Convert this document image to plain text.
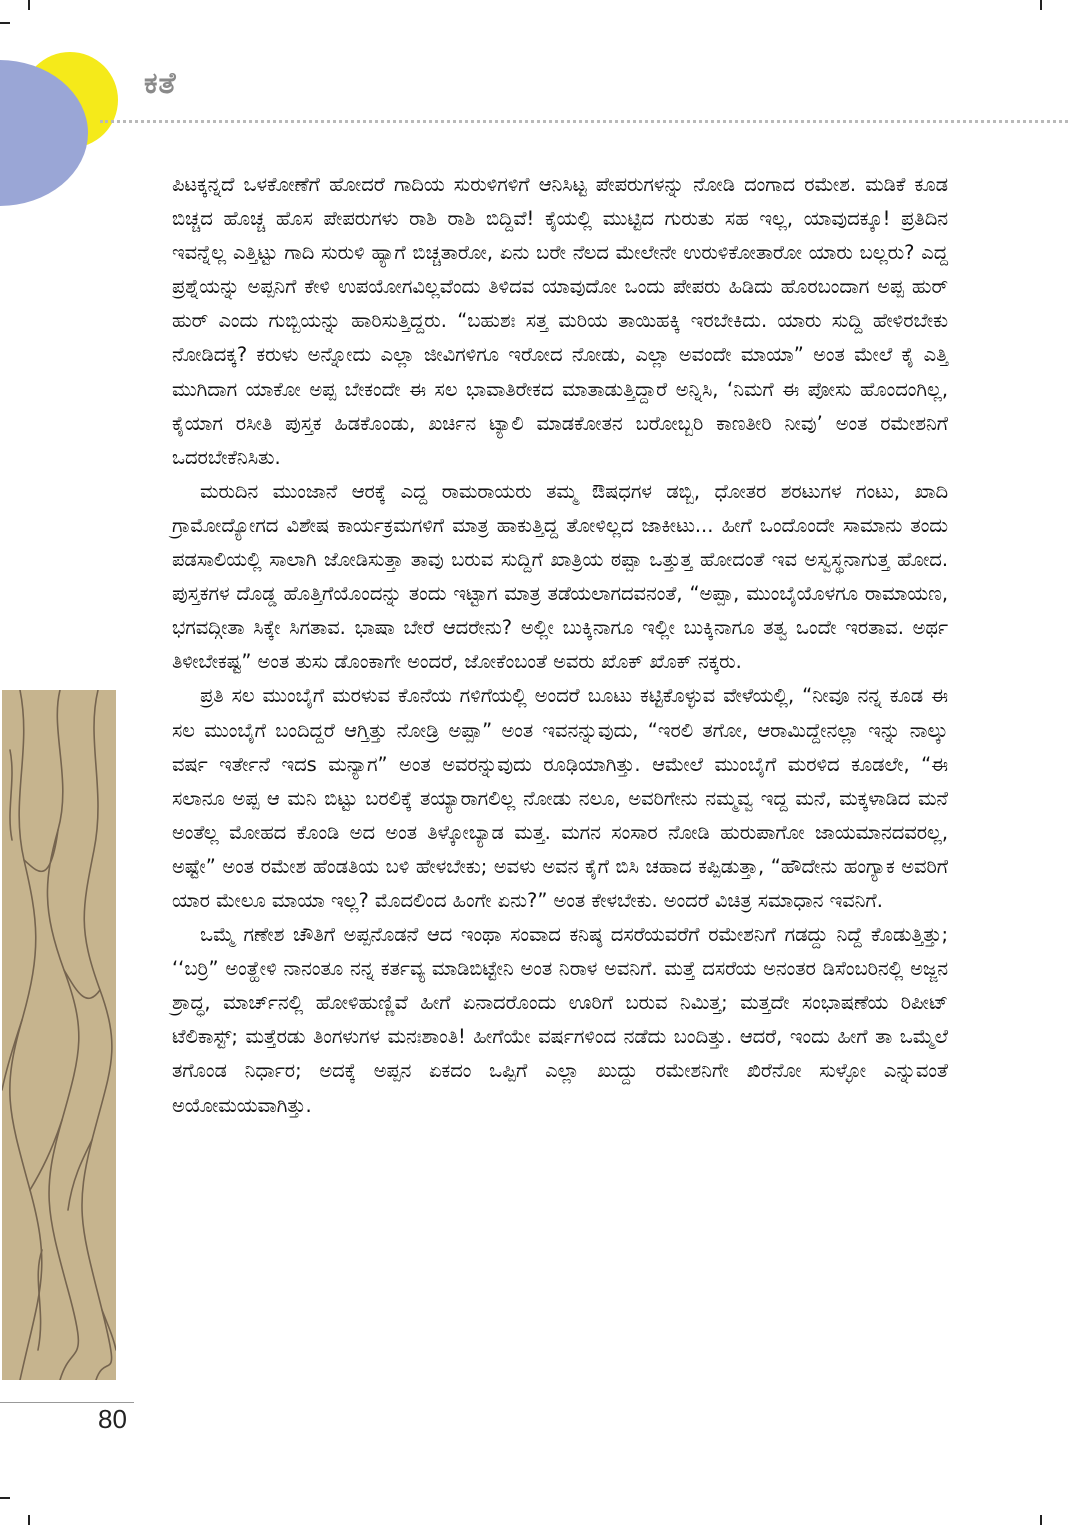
ಕತೆ

ಪಿಟಕ್ಕನ್ನದೆ ಒಳಕೋಣೆಗೆ ಹೋದರೆ ಗಾದಿಯ ಸುರುಳಿಗಳಿಗೆ ಆನಿಸಿಟ್ಟ ಪೇಪರುಗಳನ್ನು ನೋಡಿ ದಂಗಾದ ರಮೇಶ. ಮಡಿಕೆ ಕೂಡ ಬಿಚ್ಚದ ಹೊಚ್ಚ ಹೊಸ ಪೇಪರುಗಳು ರಾಶಿ ರಾಶಿ ಬಿದ್ದಿವೆ! ಕೈಯಲ್ಲಿ ಮುಟ್ಟಿದ ಗುರುತು ಸಹ ಇಲ್ಲ, ಯಾವುದಕ್ಕೂ! ಪ್ರತಿದಿನ ಇವನ್ನೆಲ್ಲ ಎತ್ತಿಟ್ಟು ಗಾದಿ ಸುರುಳಿ ಹ್ಯಾಗೆ ಬಿಚ್ಚತಾರೋ, ಏನು ಬರೇ ನೆಲದ ಮೇಲೇನೇ ಉರುಳಿಕೋತಾರೋ ಯಾರು ಬಲ್ಲರು? ಎದ್ದ ಪ್ರಶ್ನೆಯನ್ನು ಅಪ್ಪನಿಗೆ ಕೇಳಿ ಉಪಯೋಗವಿಲ್ಲವೆಂದು ತಿಳಿದವ ಯಾವುದೋ ಒಂದು ಪೇಪರು ಹಿಡಿದು ಹೊರಬಂದಾಗ ಅಪ್ಪ ಹುರ್ ಹುರ್ ಎಂದು ಗುಬ್ಬಿಯನ್ನು ಹಾರಿಸುತ್ತಿದ್ದರು. “ಬಹುಶಃ ಸತ್ತ ಮರಿಯ ತಾಯಿಹಕ್ಕಿ ಇರಬೇಕಿದು. ಯಾರು ಸುದ್ದಿ ಹೇಳಿರಬೇಕು ನೋಡಿದಕ್ಕ? ಕರುಳು ಅನ್ನೋದು ಎಲ್ಲಾ ಜೀವಿಗಳಿಗೂ ಇರೋದ ನೋಡು, ಎಲ್ಲಾ ಅವಂದೇ ಮಾಯಾ” ಅಂತ ಮೇಲೆ ಕೈ ಎತ್ತಿ ಮುಗಿದಾಗ ಯಾಕೋ ಅಪ್ಪ ಬೇಕಂದೇ ಈ ಸಲ ಭಾವಾತಿರೇಕದ ಮಾತಾಡುತ್ತಿದ್ದಾರೆ ಅನ್ನಿಸಿ, ‘ನಿಮಗೆ ಈ ಪೋಸು ಹೊಂದಂಗಿಲ್ಲ, ಕೈಯಾಗ ರಸೀತಿ ಪುಸ್ತಕ ಹಿಡಕೊಂಡು, ಖರ್ಚಿನ ಟ್ಯಾಲಿ ಮಾಡಕೋತನ ಬರೋಬ್ಬರಿ ಕಾಣತೀರಿ ನೀವು’ ಅಂತ ರಮೇಶನಿಗೆ ಒದರಬೇಕೆನಿಸಿತು.

ಮರುದಿನ ಮುಂಜಾನೆ ಆರಕ್ಕೆ ಎದ್ದ ರಾಮರಾಯರು ತಮ್ಮ ಔಷಧಗಳ ಡಬ್ಬಿ, ಧೋತರ ಶರಟುಗಳ ಗಂಟು, ಖಾದಿ ಗ್ರಾಮೋದ್ಯೋಗದ ವಿಶೇಷ ಕಾರ್ಯಕ್ರಮಗಳಿಗೆ ಮಾತ್ರ ಹಾಕುತ್ತಿದ್ದ ತೋಳಿಲ್ಲದ ಜಾಕೀಟು... ಹೀಗೆ ಒಂದೊಂದೇ ಸಾಮಾನು ತಂದು ಪಡಸಾಲಿಯಲ್ಲಿ ಸಾಲಾಗಿ ಜೋಡಿಸುತ್ತಾ ತಾವು ಬರುವ ಸುದ್ದಿಗೆ ಖಾತ್ರಿಯ ಠಪ್ಪಾ ಒತ್ತುತ್ತ ಹೋದಂತೆ ಇವ ಅಸ್ವಸ್ಥನಾಗುತ್ತ ಹೋದ. ಪುಸ್ತಕಗಳ ದೊಡ್ಡ ಹೊತ್ತಿಗೆಯೊಂದನ್ನು ತಂದು ಇಟ್ಟಾಗ ಮಾತ್ರ ತಡೆಯಲಾಗದವನಂತೆ, “ಅಪ್ಪಾ, ಮುಂಬೈಯೊಳಗೂ ರಾಮಾಯಣ, ಭಗವದ್ಗೀತಾ ಸಿಕ್ಕೇ ಸಿಗತಾವ. ಭಾಷಾ ಬೇರೆ ಆದರೇನು? ಅಲ್ಲೀ ಬುಕ್ಕಿನಾಗೂ ಇಲ್ಲೀ ಬುಕ್ಕಿನಾಗೂ ತತ್ವ ಒಂದೇ ಇರತಾವ. ಅರ್ಥ ತಿಳೀಬೇಕಷ್ಟ” ಅಂತ ತುಸು ಡೊಂಕಾಗೇ ಅಂದರೆ, ಜೋಕೆಂಬಂತೆ ಅವರು ಖೊಕ್ ಖೊಕ್ ನಕ್ಕರು.

ಪ್ರತಿ ಸಲ ಮುಂಬೈಗೆ ಮರಳುವ ಕೊನೆಯ ಗಳಿಗೆಯಲ್ಲಿ ಅಂದರೆ ಬೂಟು ಕಟ್ಟಿಕೊಳ್ಳುವ ವೇಳೆಯಲ್ಲಿ, “ನೀವೂ ನನ್ನ ಕೂಡ ಈ ಸಲ ಮುಂಬೈಗೆ ಬಂದಿದ್ದರೆ ಆಗ್ತಿತ್ತು ನೋಡ್ರಿ ಅಪ್ಪಾ” ಅಂತ ಇವನನ್ನುವುದು, “ಇರಲಿ ತಗೋ, ಆರಾಮಿದ್ದೇನಲ್ಲಾ ಇನ್ನು ನಾಲ್ಕು ವರ್ಷ ಇರ್ತೇನೆ ಇದs ಮನ್ಯಾಗ” ಅಂತ ಅವರನ್ನುವುದು ರೂಢಿಯಾಗಿತ್ತು. ಆಮೇಲೆ ಮುಂಬೈಗೆ ಮರಳಿದ ಕೂಡಲೇ, “ಈ ಸಲಾನೂ ಅಪ್ಪ ಆ ಮನಿ ಬಿಟ್ಟು ಬರಲಿಕ್ಕೆ ತಯ್ಯಾರಾಗಲಿಲ್ಲ ನೋಡು ನಲೂ, ಅವರಿಗೇನು ನಮ್ಮವ್ವ ಇದ್ದ ಮನೆ, ಮಕ್ಕಳಾಡಿದ ಮನೆ ಅಂತೆಲ್ಲ ಮೋಹದ ಕೊಂಡಿ ಅದ ಅಂತ ತಿಳ್ಕೋಬ್ಯಾಡ ಮತ್ತ. ಮಗನ ಸಂಸಾರ ನೋಡಿ ಹುರುಪಾಗೋ ಜಾಯಮಾನದವರಲ್ಲ, ಅಷ್ಟೇ” ಅಂತ ರಮೇಶ ಹೆಂಡತಿಯ ಬಳಿ ಹೇಳಬೇಕು; ಅವಳು ಅವನ ಕೈಗೆ ಬಿಸಿ ಚಹಾದ ಕಪ್ಪಿಡುತ್ತಾ, “ಹೌದೇನು ಹಂಗ್ಯಾಕ ಅವರಿಗೆ ಯಾರ ಮೇಲೂ ಮಾಯಾ ಇಲ್ಲ? ಮೊದಲಿಂದ ಹಿಂಗೇ ಏನು?” ಅಂತ ಕೇಳಬೇಕು. ಅಂದರೆ ವಿಚಿತ್ರ ಸಮಾಧಾನ ಇವನಿಗೆ.

ಒಮ್ಮೆ ಗಣೇಶ ಚೌತಿಗೆ ಅಪ್ಪನೊಡನೆ ಆದ ಇಂಥಾ ಸಂವಾದ ಕನಿಷ್ಠ ದಸರೆಯವರೆಗೆ ರಮೇಶನಿಗೆ ಗಡದ್ದು ನಿದ್ದೆ ಕೊಡುತ್ತಿತ್ತು; ‘‘ಬರ್ರಿ” ಅಂತ್ಹೇಳಿ ನಾನಂತೂ ನನ್ನ ಕರ್ತವ್ಯ ಮಾಡಿಬಿಟ್ಟೇನಿ ಅಂತ ನಿರಾಳ ಅವನಿಗೆ. ಮತ್ತೆ ದಸರೆಯ ಅನಂತರ ಡಿಸೆಂಬರಿನಲ್ಲಿ ಅಜ್ಜನ ಶ್ರಾದ್ಧ, ಮಾರ್ಚ್‌ನಲ್ಲಿ ಹೋಳಿಹುಣ್ಣಿವೆ ಹೀಗೆ ಏನಾದರೊಂದು ಊರಿಗೆ ಬರುವ ನಿಮಿತ್ತ; ಮತ್ತದೇ ಸಂಭಾಷಣೆಯ ರಿಪೀಟ್ ಟೆಲಿಕಾಸ್ಟ್; ಮತ್ತೆರಡು ತಿಂಗಳುಗಳ ಮನಃಶಾಂತಿ! ಹೀಗೆಯೇ ವರ್ಷಗಳಿಂದ ನಡೆದು ಬಂದಿತ್ತು. ಆದರೆ, ಇಂದು ಹೀಗೆ ತಾ ಒಮ್ಮೆಲೆ ತಗೊಂಡ ನಿರ್ಧಾರ; ಅದಕ್ಕೆ ಅಪ್ಪನ ಏಕದಂ ಒಪ್ಪಿಗೆ ಎಲ್ಲಾ ಖುದ್ದು ರಮೇಶನಿಗೇ ಖಿರೆನೋ ಸುಳ್ಳೋ ಎನ್ನುವಂತೆ ಅಯೋಮಯವಾಗಿತ್ತು.

80
